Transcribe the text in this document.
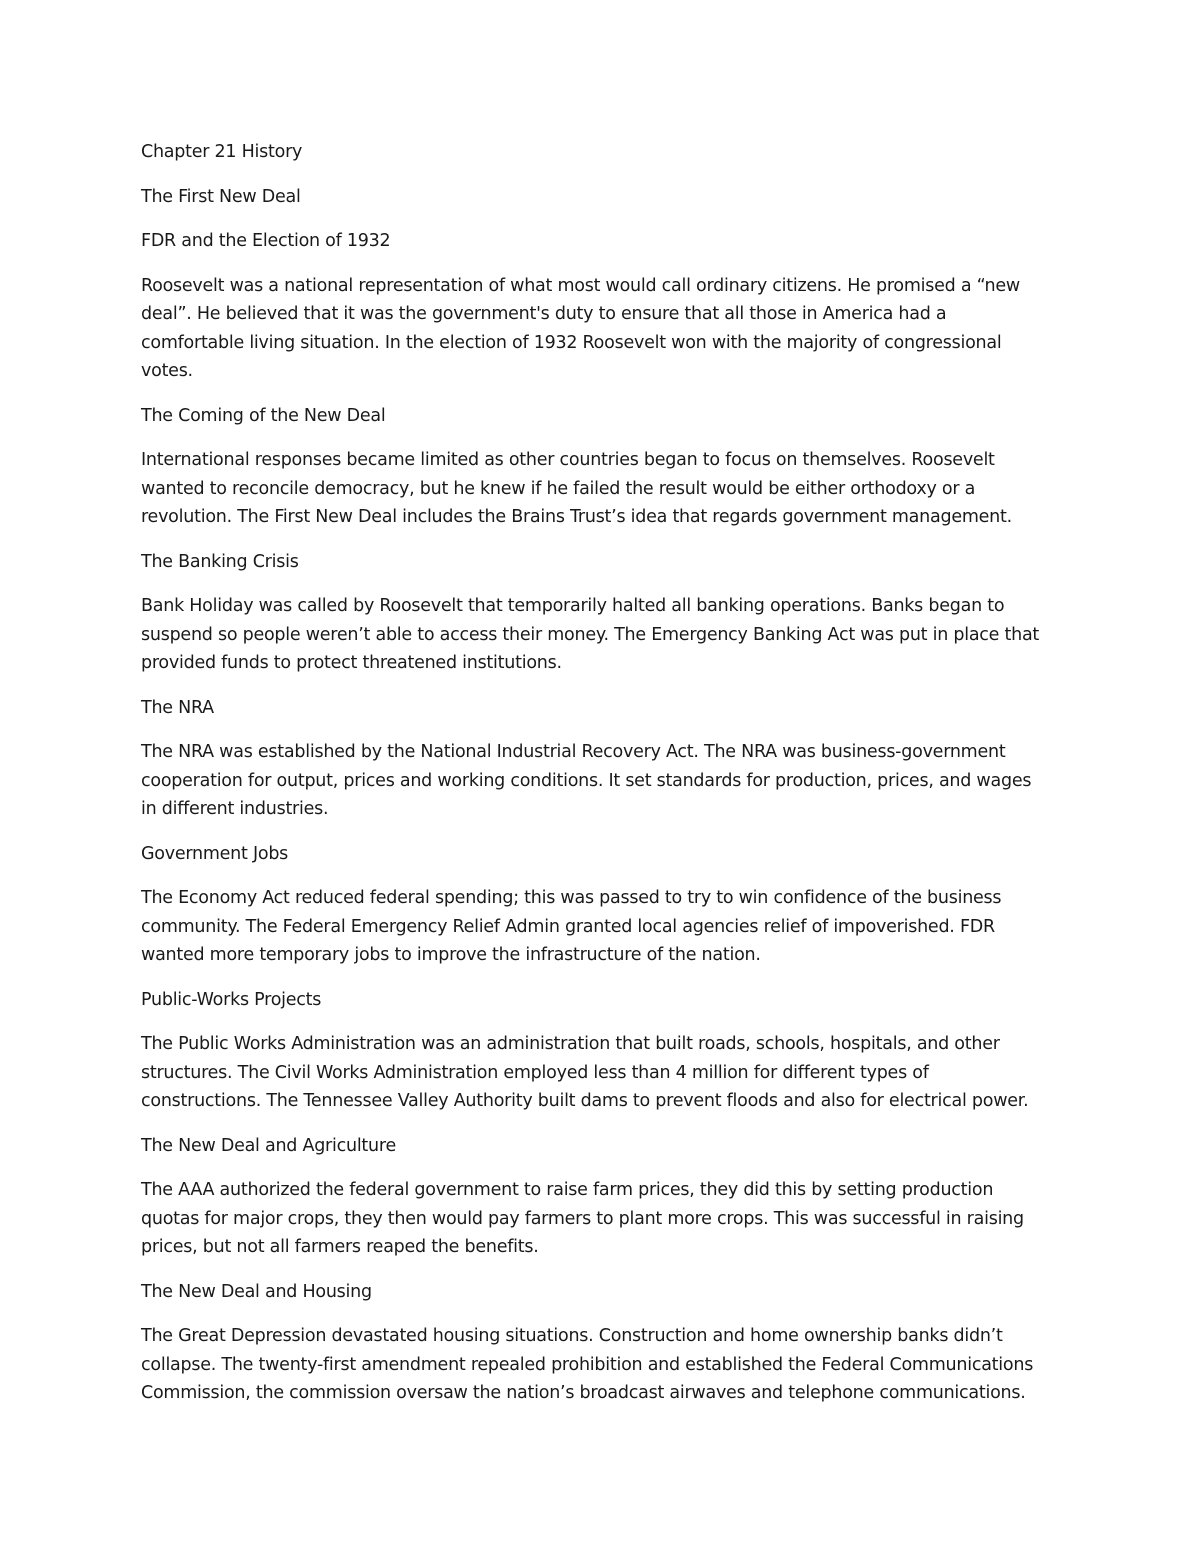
Chapter 21 History
The First New Deal
FDR and the Election of 1932
Roosevelt was a national representation of what most would call ordinary citizens. He promised a “new
deal”. He believed that it was the government's duty to ensure that all those in America had a
comfortable living situation. In the election of 1932 Roosevelt won with the majority of congressional
votes.
The Coming of the New Deal
International responses became limited as other countries began to focus on themselves. Roosevelt
wanted to reconcile democracy, but he knew if he failed the result would be either orthodoxy or a
revolution. The First New Deal includes the Brains Trust’s idea that regards government management.
The Banking Crisis
Bank Holiday was called by Roosevelt that temporarily halted all banking operations. Banks began to
suspend so people weren’t able to access their money. The Emergency Banking Act was put in place that
provided funds to protect threatened institutions.
The NRA
The NRA was established by the National Industrial Recovery Act. The NRA was business-government
cooperation for output, prices and working conditions. It set standards for production, prices, and wages
in different industries.
Government Jobs
The Economy Act reduced federal spending; this was passed to try to win confidence of the business
community. The Federal Emergency Relief Admin granted local agencies relief of impoverished. FDR
wanted more temporary jobs to improve the infrastructure of the nation.
Public-Works Projects
The Public Works Administration was an administration that built roads, schools, hospitals, and other
structures. The Civil Works Administration employed less than 4 million for different types of
constructions. The Tennessee Valley Authority built dams to prevent floods and also for electrical power.
The New Deal and Agriculture
The AAA authorized the federal government to raise farm prices, they did this by setting production
quotas for major crops, they then would pay farmers to plant more crops. This was successful in raising
prices, but not all farmers reaped the benefits.
The New Deal and Housing
The Great Depression devastated housing situations. Construction and home ownership banks didn’t
collapse. The twenty-first amendment repealed prohibition and established the Federal Communications
Commission, the commission oversaw the nation’s broadcast airwaves and telephone communications.
